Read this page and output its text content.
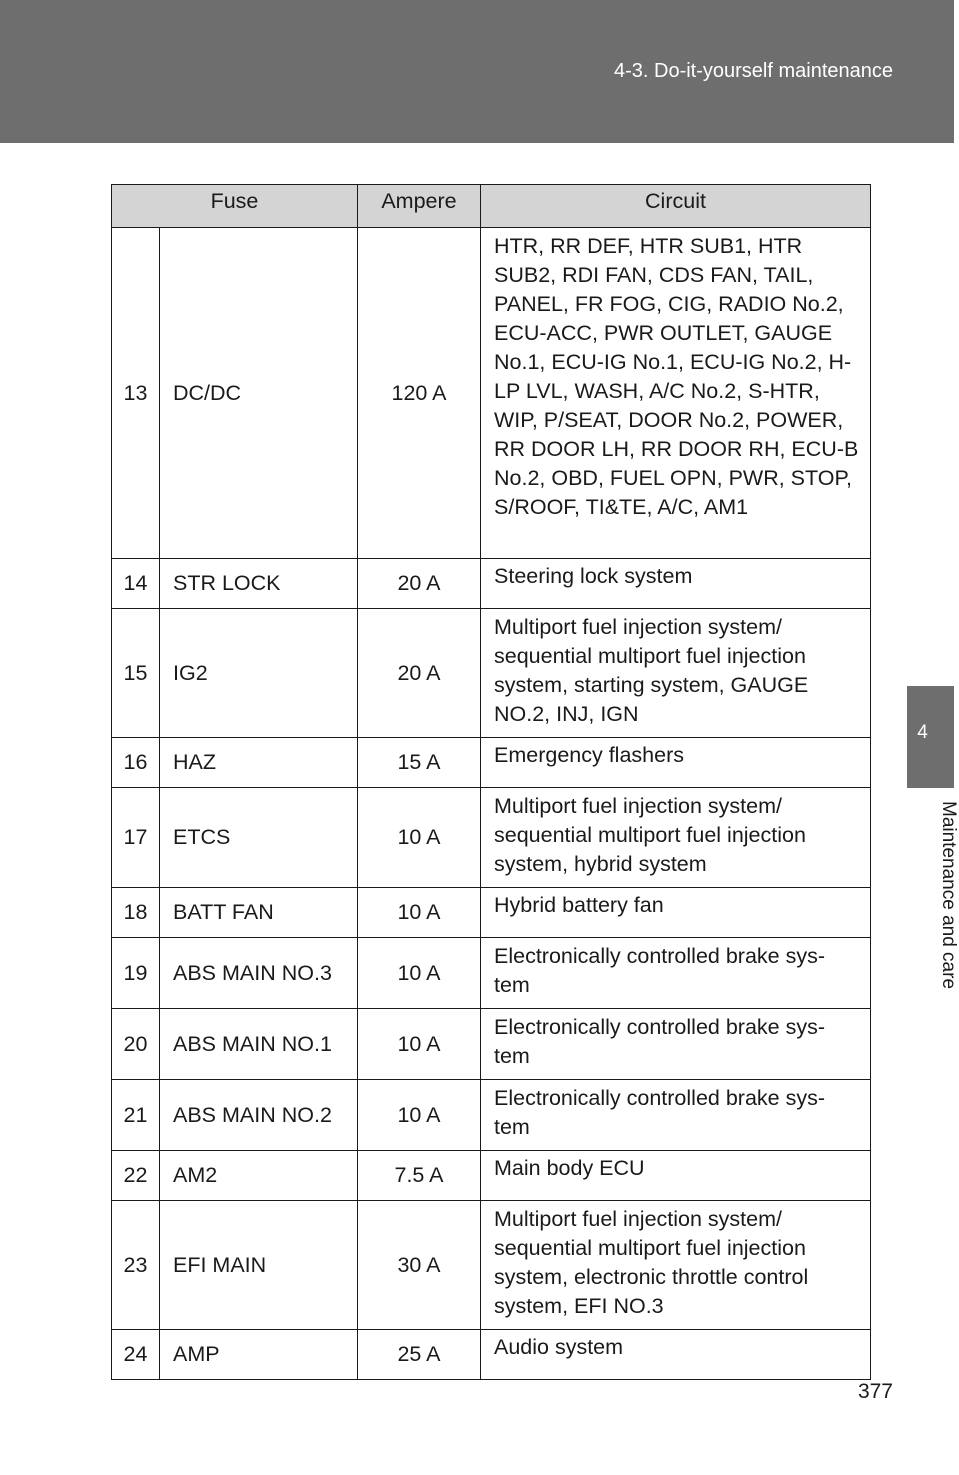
4-3. Do-it-yourself maintenance
Fuse		Ampere	Circuit
13	DC/DC	120 A	HTR, RR DEF, HTR SUB1, HTR SUB2, RDI FAN, CDS FAN, TAIL, PANEL, FR FOG, CIG, RADIO No.2, ECU-ACC, PWR OUTLET, GAUGE No.1, ECU-IG No.1, ECU-IG No.2, H-LP LVL, WASH, A/C No.2, S-HTR, WIP, P/SEAT, DOOR No.2, POWER, RR DOOR LH, RR DOOR RH, ECU-B No.2, OBD, FUEL OPN, PWR, STOP, S/ROOF, TI&TE, A/C, AM1
14	STR LOCK	20 A	Steering lock system
15	IG2	20 A	Multiport fuel injection system/ sequential multiport fuel injection system, starting system, GAUGE NO.2, INJ, IGN
16	HAZ	15 A	Emergency flashers
17	ETCS	10 A	Multiport fuel injection system/ sequential multiport fuel injection system, hybrid system
18	BATT FAN	10 A	Hybrid battery fan
19	ABS MAIN NO.3	10 A	Electronically controlled brake sys-tem
20	ABS MAIN NO.1	10 A	Electronically controlled brake sys-tem
21	ABS MAIN NO.2	10 A	Electronically controlled brake sys-tem
22	AM2	7.5 A	Main body ECU
23	EFI MAIN	30 A	Multiport fuel injection system/ sequential multiport fuel injection system, electronic throttle control system, EFI NO.3
24	AMP	25 A	Audio system
4
Maintenance and care
377
